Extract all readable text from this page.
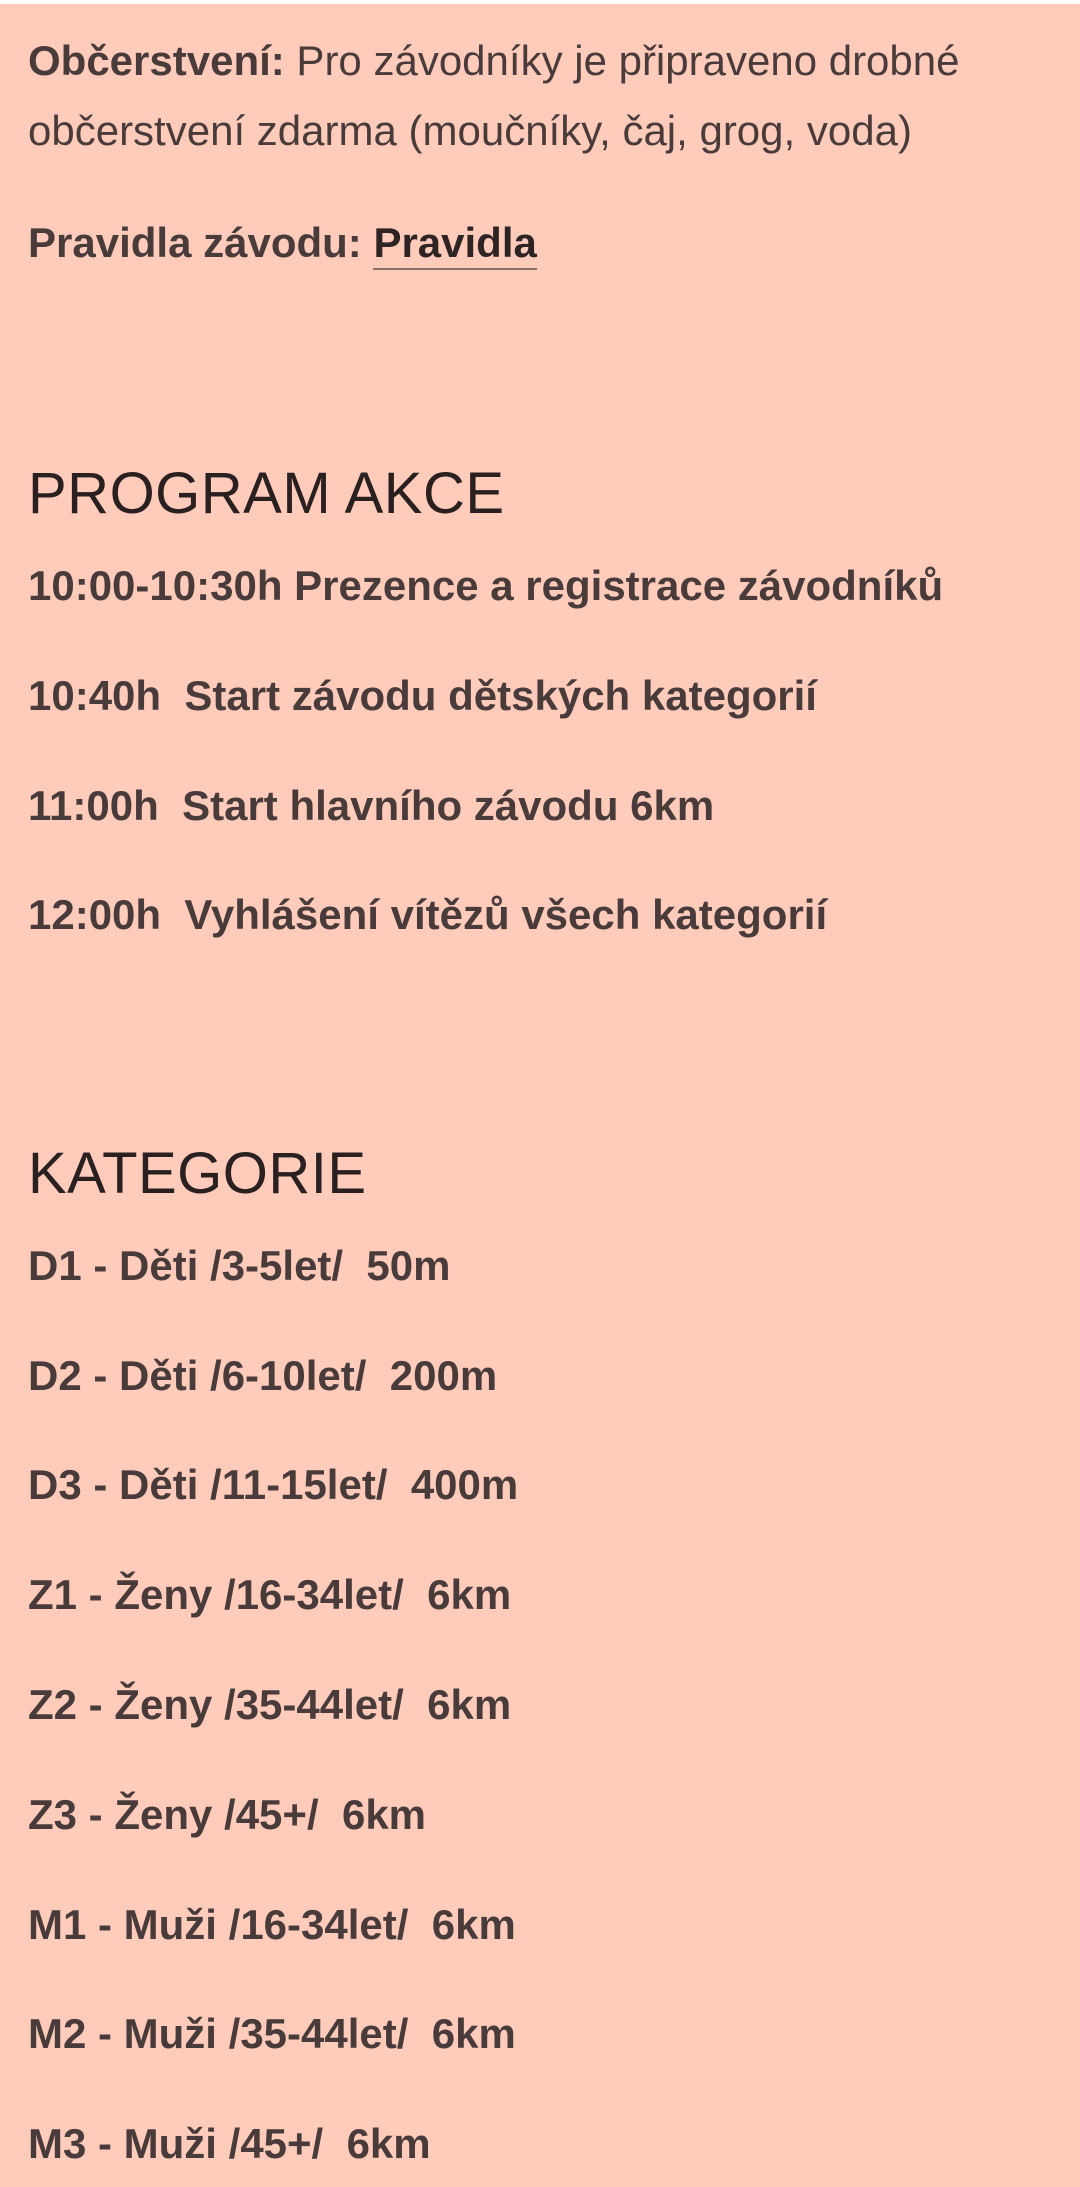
Občerstvení: Pro závodníky je připraveno drobné občerstvení zdarma (moučníky, čaj, grog, voda)

Pravidla závodu: Pravidla
PROGRAM AKCE
10:00-10:30h Prezence a registrace závodníků
10:40h  Start závodu dětských kategorií
11:00h  Start hlavního závodu 6km
12:00h  Vyhlášení vítězů všech kategorií
KATEGORIE
D1 - Děti /3-5let/  50m
D2 - Děti /6-10let/  200m
D3 - Děti /11-15let/  400m
Z1 - Ženy /16-34let/  6km
Z2 - Ženy /35-44let/  6km
Z3 - Ženy /45+/  6km
M1 - Muži /16-34let/  6km
M2 - Muži /35-44let/  6km
M3 - Muži /45+/  6km
